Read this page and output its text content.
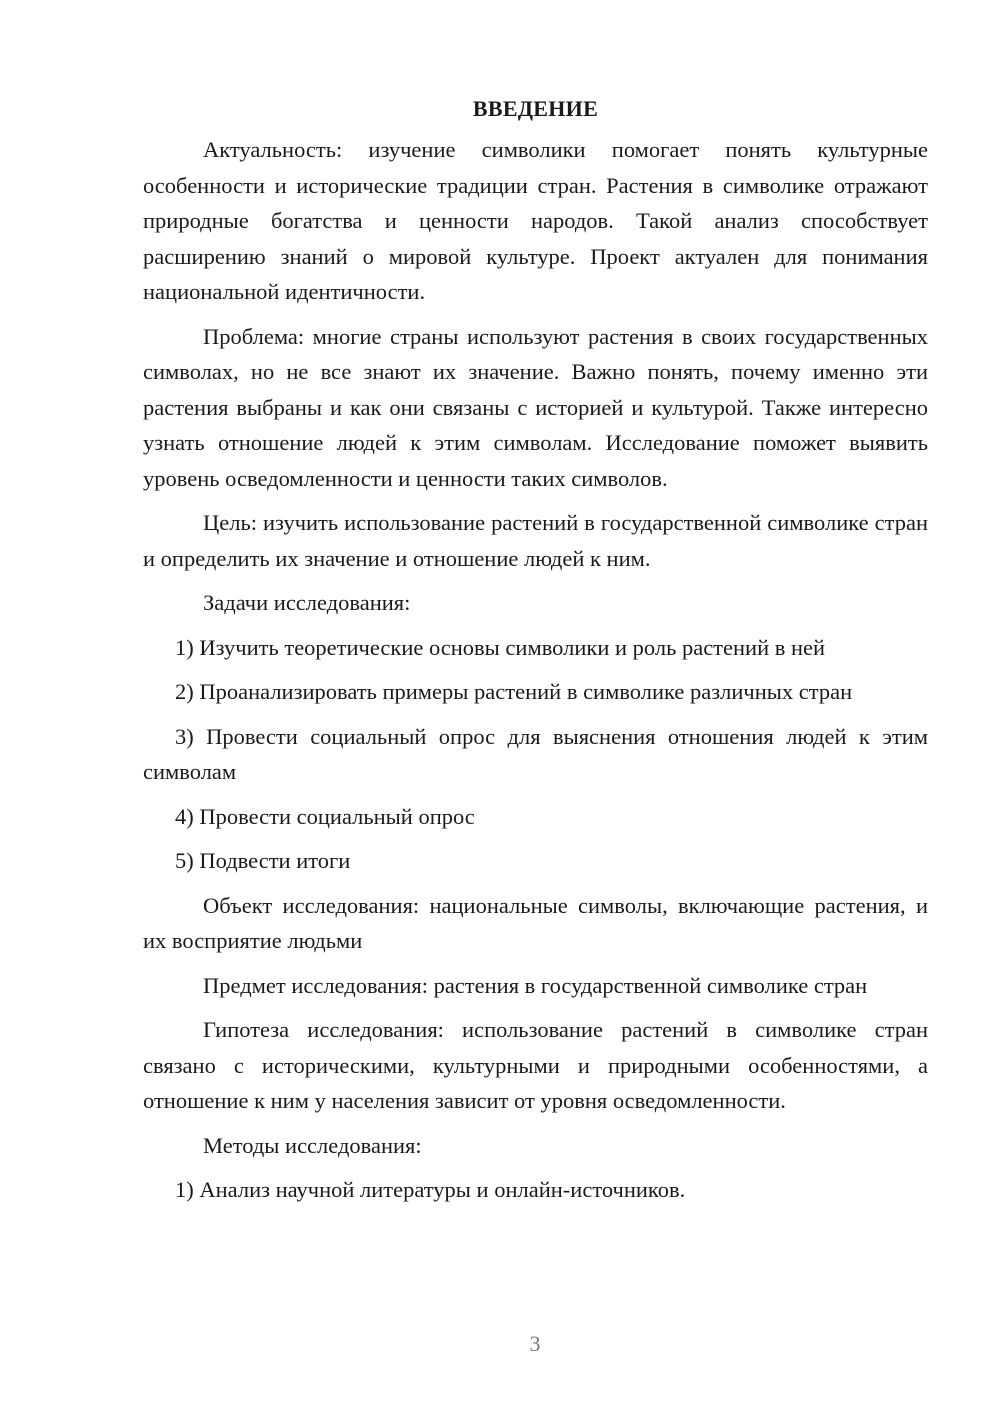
ВВЕДЕНИЕ

Актуальность: изучение символики помогает понять культурные особенности и исторические традиции стран. Растения в символике отражают природные богатства и ценности народов. Такой анализ способствует расширению знаний о мировой культуре. Проект актуален для понимания национальной идентичности.

Проблема: многие страны используют растения в своих государственных символах, но не все знают их значение. Важно понять, почему именно эти растения выбраны и как они связаны с историей и культурой. Также интересно узнать отношение людей к этим символам. Исследование поможет выявить уровень осведомленности и ценности таких символов.

Цель: изучить использование растений в государственной символике стран и определить их значение и отношение людей к ним.

Задачи исследования:

1) Изучить теоретические основы символики и роль растений в ней

2) Проанализировать примеры растений в символике различных стран

3) Провести социальный опрос для выяснения отношения людей к этим символам

4) Провести социальный опрос

5) Подвести итоги

Объект исследования: национальные символы, включающие растения, и их восприятие людьми

Предмет исследования: растения в государственной символике стран

Гипотеза исследования: использование растений в символике стран связано с историческими, культурными и природными особенностями, а отношение к ним у населения зависит от уровня осведомленности.

Методы исследования:

1) Анализ научной литературы и онлайн-источников.

3
